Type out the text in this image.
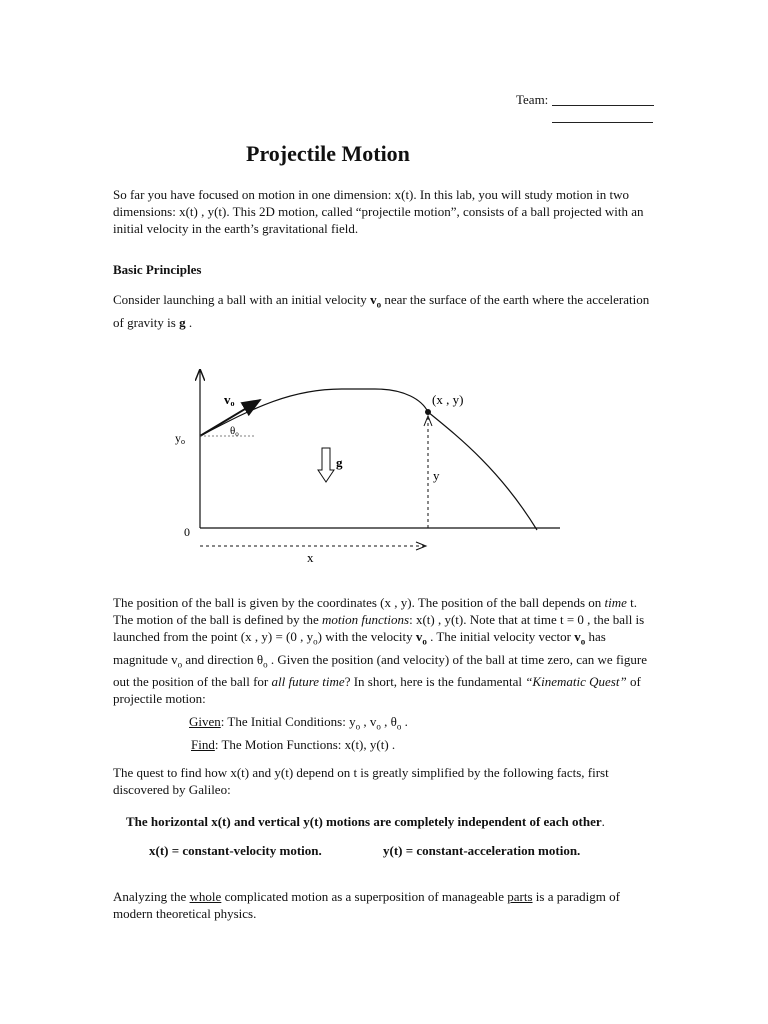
Team:
Projectile Motion

So far you have focused on motion in one dimension: x(t). In this lab, you will study motion in two dimensions: x(t) , y(t). This 2D motion, called “projectile motion”, consists of a ball projected with an initial velocity in the earth’s gravitational field.

Basic Principles

Consider launching a ball with an initial velocity $v_o$ near the surface of the earth where the acceleration of gravity is g .

vo
θo
yo
g
(x , y)
y
x
0

The position of the ball is given by the coordinates (x , y). The position of the ball depends on time t. The motion of the ball is defined by the motion functions: x(t) , y(t). Note that at time t = 0 , the ball is launched from the point (x , y) = (0 , $y_o$) with the velocity $v_o$ . The initial velocity vector $v_o$ has magnitude $v_o$ and direction $\theta_o$ . Given the position (and velocity) of the ball at time zero, can we figure out the position of the ball for all future time? In short, here is the fundamental “Kinematic Quest” of projectile motion:

Given: The Initial Conditions: $y_o$ , $v_o$ , $\theta_o$ .
Find: The Motion Functions: x(t), y(t) .

The quest to find how x(t) and y(t) depend on t is greatly simplified by the following facts, first discovered by Galileo:

The horizontal x(t) and vertical y(t) motions are completely independent of each other.
x(t) = constant-velocity motion.	y(t) = constant-acceleration motion.

Analyzing the whole complicated motion as a superposition of manageable parts is a paradigm of modern theoretical physics.
